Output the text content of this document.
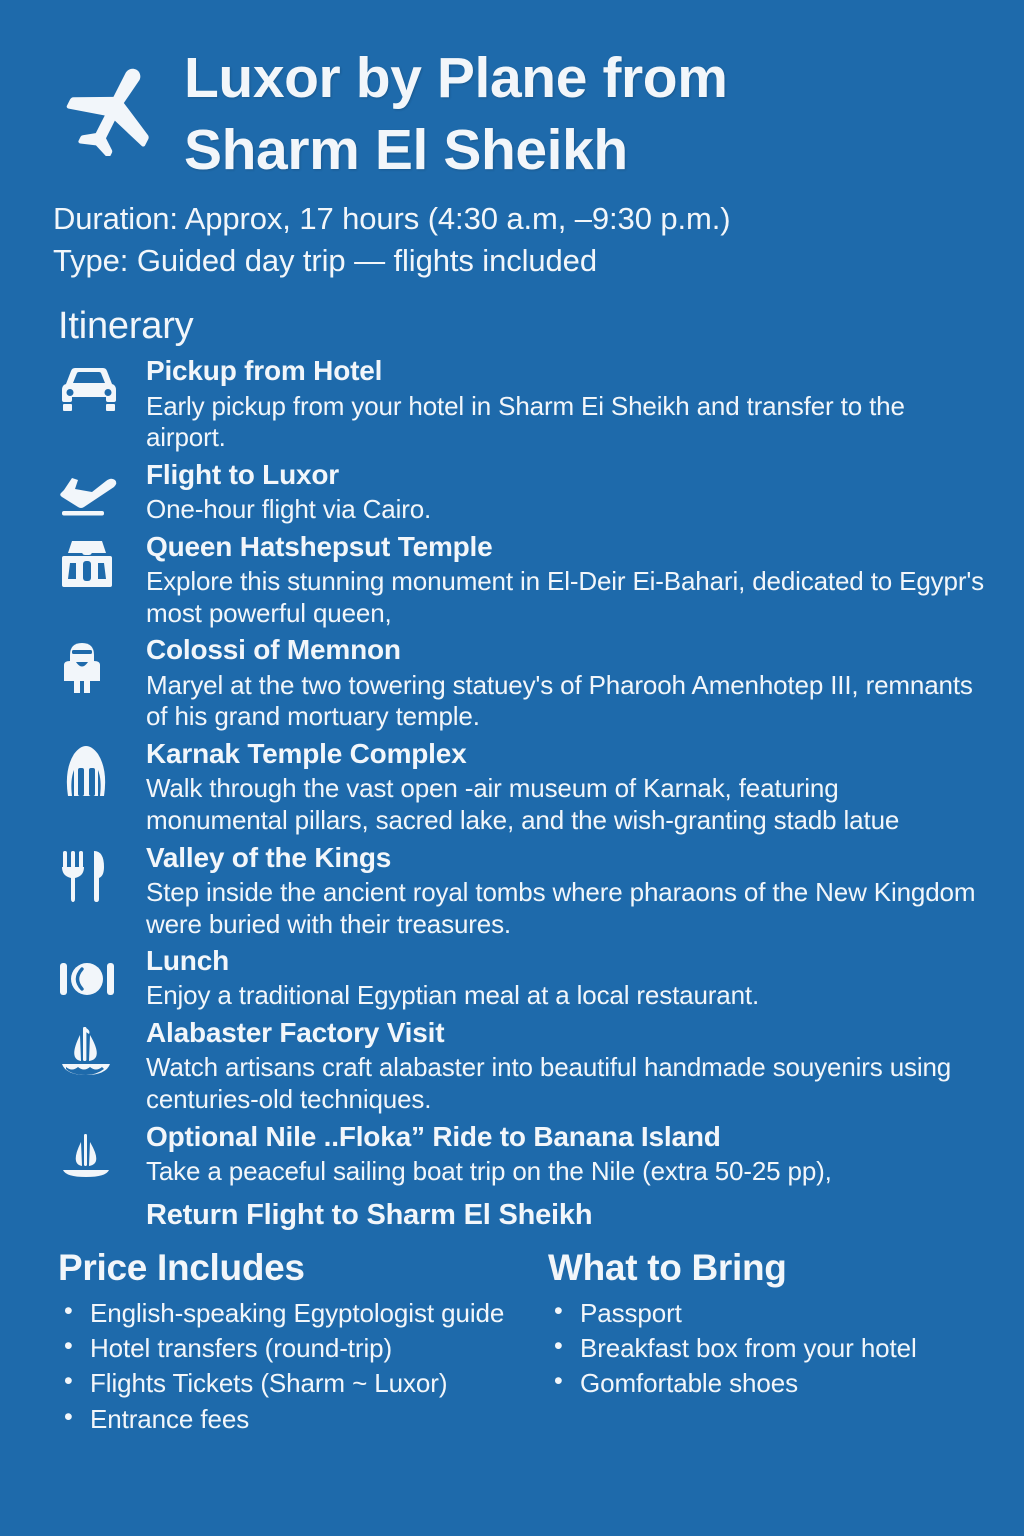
Luxor by Plane from
Sharm El Sheikh
Duration: Approx, 17 hours (4:30 a.m, –9:30 p.m.)
Type: Guided day trip — flights included
Itinerary
Pickup from Hotel
Early pickup from your hotel in Sharm Ei Sheikh and transfer to the airport.
Flight to Luxor
One-hour flight via Cairo.
Queen Hatshepsut Temple
Explore this stunning monument in El-Deir Ei-Bahari, dedicated to Egypr's most powerful queen,
Colossi of Memnon
Maryel at the two towering statuey's of Pharooh Amenhotep III, remnants of his grand mortuary temple.
Karnak Temple Complex
Walk through the vast open -air museum of Karnak, featuring monumental pillars, sacred lake, and the wish-granting stadb latue
Valley of the Kings
Step inside the ancient royal tombs where pharaons of the New Kingdom were buried with their treasures.
Lunch
Enjoy a traditional Egyptian meal at a local restaurant.
Alabaster Factory Visit
Watch artisans craft alabaster into beautiful handmade souyenirs using centuries-old techniques.
Optional Nile ..Floka” Ride to Banana Island
Take a peaceful sailing boat trip on the Nile (extra 50-25 pp),
Return Flight to Sharm El Sheikh
Price Includes
• English-speaking Egyptologist guide
• Hotel transfers (round-trip)
• Flights Tickets (Sharm ~ Luxor)
• Entrance fees
What to Bring
• Passport
• Breakfast box from your hotel
• Gomfortable shoes
